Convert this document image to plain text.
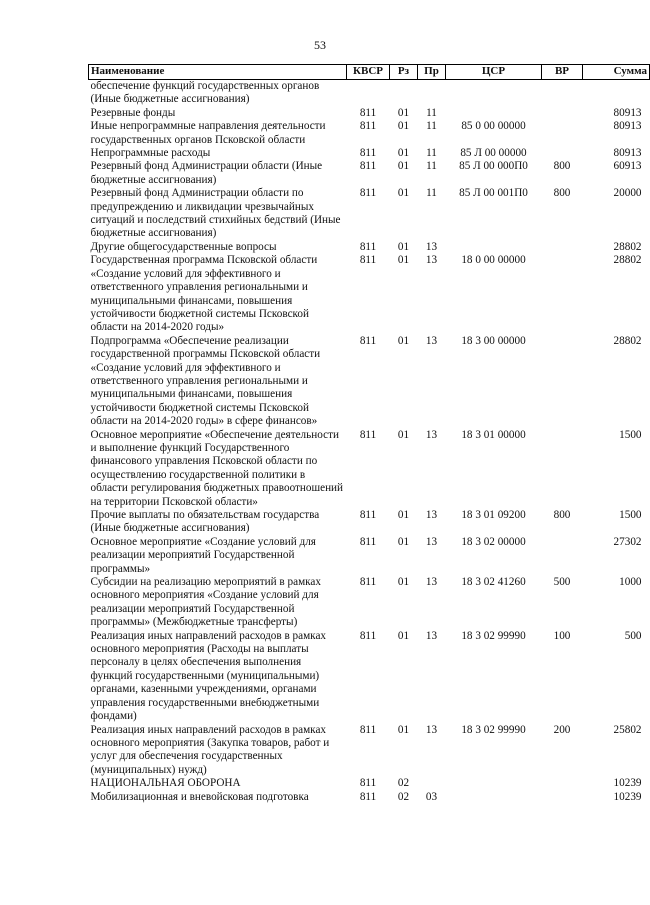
53
Наименование	КВСР	Рз	Пр	ЦСР	ВР	Сумма
обеспечение функций государственных органов (Иные бюджетные ассигнования)						
Резервные фонды	811	01	11			80913
Иные непрограммные направления деятельности государственных органов Псковской области	811	01	11	85 0 00 00000		80913
Непрограммные расходы	811	01	11	85 Л 00 00000		80913
Резервный фонд Администрации области (Иные бюджетные ассигнования)	811	01	11	85 Л 00 000П0	800	60913
Резервный фонд Администрации области по предупреждению и ликвидации чрезвычайных ситуаций и последствий стихийных бедствий (Иные бюджетные ассигнования)	811	01	11	85 Л 00 001П0	800	20000
Другие общегосударственные вопросы	811	01	13			28802
Государственная программа Псковской области «Создание условий для эффективного и ответственного управления региональными и муниципальными финансами, повышения устойчивости бюджетной системы Псковской области на 2014-2020 годы»	811	01	13	18 0 00 00000		28802
Подпрограмма «Обеспечение реализации государственной программы Псковской области «Создание условий для эффективного и ответственного управления региональными и муниципальными финансами, повышения устойчивости бюджетной системы Псковской области на 2014-2020 годы» в сфере финансов»	811	01	13	18 3 00 00000		28802
Основное мероприятие «Обеспечение деятельности и выполнение функций Государственного финансового управления Псковской области по осуществлению государственной политики в области регулирования бюджетных правоотношений на территории Псковской области»	811	01	13	18 3 01 00000		1500
Прочие выплаты по обязательствам государства (Иные бюджетные ассигнования)	811	01	13	18 3 01 09200	800	1500
Основное мероприятие «Создание условий для реализации мероприятий Государственной программы»	811	01	13	18 3 02 00000		27302
Субсидии на реализацию мероприятий в рамках основного мероприятия «Создание условий для реализации мероприятий Государственной программы» (Межбюджетные трансферты)	811	01	13	18 3 02 41260	500	1000
Реализация иных направлений расходов в рамках основного мероприятия (Расходы на выплаты персоналу в целях обеспечения выполнения функций государственными (муниципальными) органами, казенными учреждениями, органами управления государственными внебюджетными фондами)	811	01	13	18 3 02 99990	100	500
Реализация иных направлений расходов в рамках основного мероприятия (Закупка товаров, работ и услуг для обеспечения государственных (муниципальных) нужд)	811	01	13	18 3 02 99990	200	25802
НАЦИОНАЛЬНАЯ ОБОРОНА	811	02				10239
Мобилизационная и вневойсковая подготовка	811	02	03			10239
